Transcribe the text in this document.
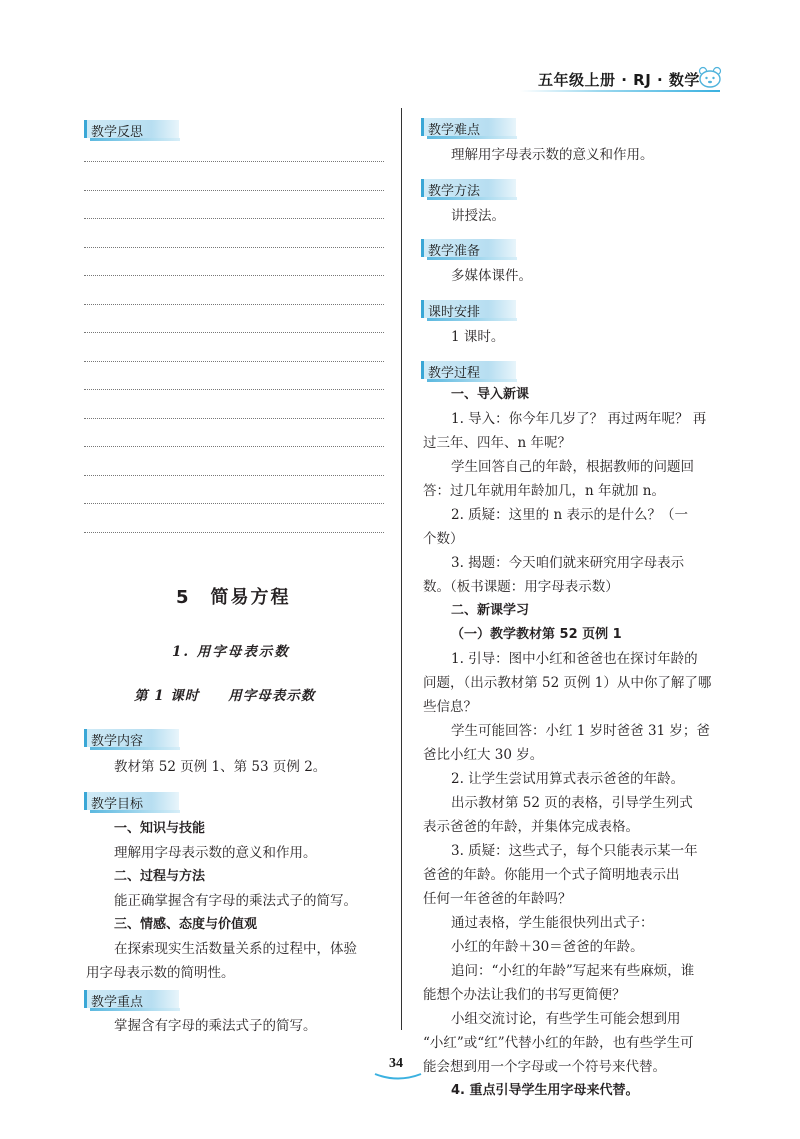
五年级上册 · RJ · 数学
教学反思
5　简易方程
1. 用字母表示数
第 1 课时　　用字母表示数
教学内容
教材第 52 页例 1、第 53 页例 2。
教学目标
一、知识与技能
理解用字母表示数的意义和作用。
二、过程与方法
能正确掌握含有字母的乘法式子的简写。
三、情感、态度与价值观
在探索现实生活数量关系的过程中，体验
用字母表示数的简明性。
教学重点
掌握含有字母的乘法式子的简写。
教学难点
理解用字母表示数的意义和作用。
教学方法
讲授法。
教学准备
多媒体课件。
课时安排
1 课时。
教学过程
一、导入新课
1. 导入：你今年几岁了？ 再过两年呢？ 再
过三年、四年、n 年呢？
学生回答自己的年龄，根据教师的问题回
答：过几年就用年龄加几，n 年就加 n。
2. 质疑：这里的 n 表示的是什么？（一
个数）
3. 揭题：今天咱们就来研究用字母表示
数。（板书课题：用字母表示数）
二、新课学习
（一）教学教材第 52 页例 1
1. 引导：图中小红和爸爸也在探讨年龄的
问题，（出示教材第 52 页例 1）从中你了解了哪
些信息？
学生可能回答：小红 1 岁时爸爸 31 岁；爸
爸比小红大 30 岁。
2. 让学生尝试用算式表示爸爸的年龄。
出示教材第 52 页的表格，引导学生列式
表示爸爸的年龄，并集体完成表格。
3. 质疑：这些式子，每个只能表示某一年
爸爸的年龄。你能用一个式子简明地表示出
任何一年爸爸的年龄吗？
通过表格，学生能很快列出式子：
小红的年龄＋30＝爸爸的年龄。
追问：“小红的年龄”写起来有些麻烦，谁
能想个办法让我们的书写更简便？
小组交流讨论，有些学生可能会想到用
“小红”或“红”代替小红的年龄，也有些学生可
能会想到用一个字母或一个符号来代替。
4. 重点引导学生用字母来代替。
34
